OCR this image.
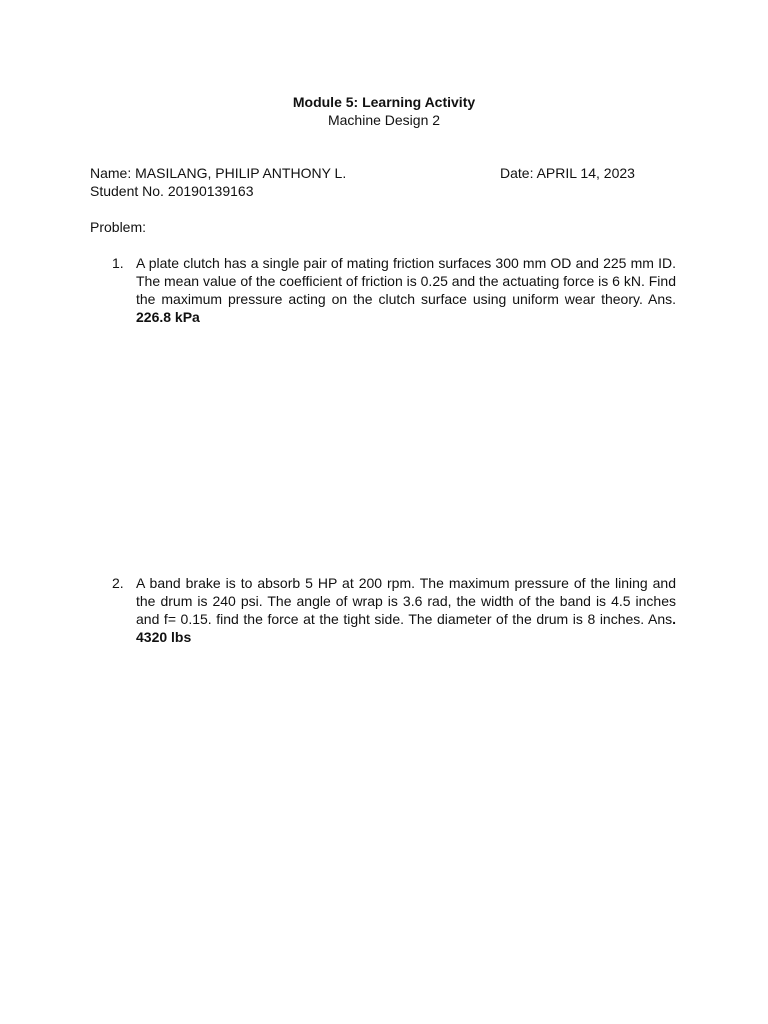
Module 5: Learning Activity
Machine Design 2
Name: MASILANG, PHILIP ANTHONY L.	Date: APRIL 14, 2023
Student No. 20190139163
Problem:
1. A plate clutch has a single pair of mating friction surfaces 300 mm OD and 225 mm ID. The mean value of the coefficient of friction is 0.25 and the actuating force is 6 kN. Find the maximum pressure acting on the clutch surface using uniform wear theory. Ans. 226.8 kPa
2. A band brake is to absorb 5 HP at 200 rpm. The maximum pressure of the lining and the drum is 240 psi. The angle of wrap is 3.6 rad, the width of the band is 4.5 inches and f= 0.15. find the force at the tight side. The diameter of the drum is 8 inches. Ans. 4320 lbs
